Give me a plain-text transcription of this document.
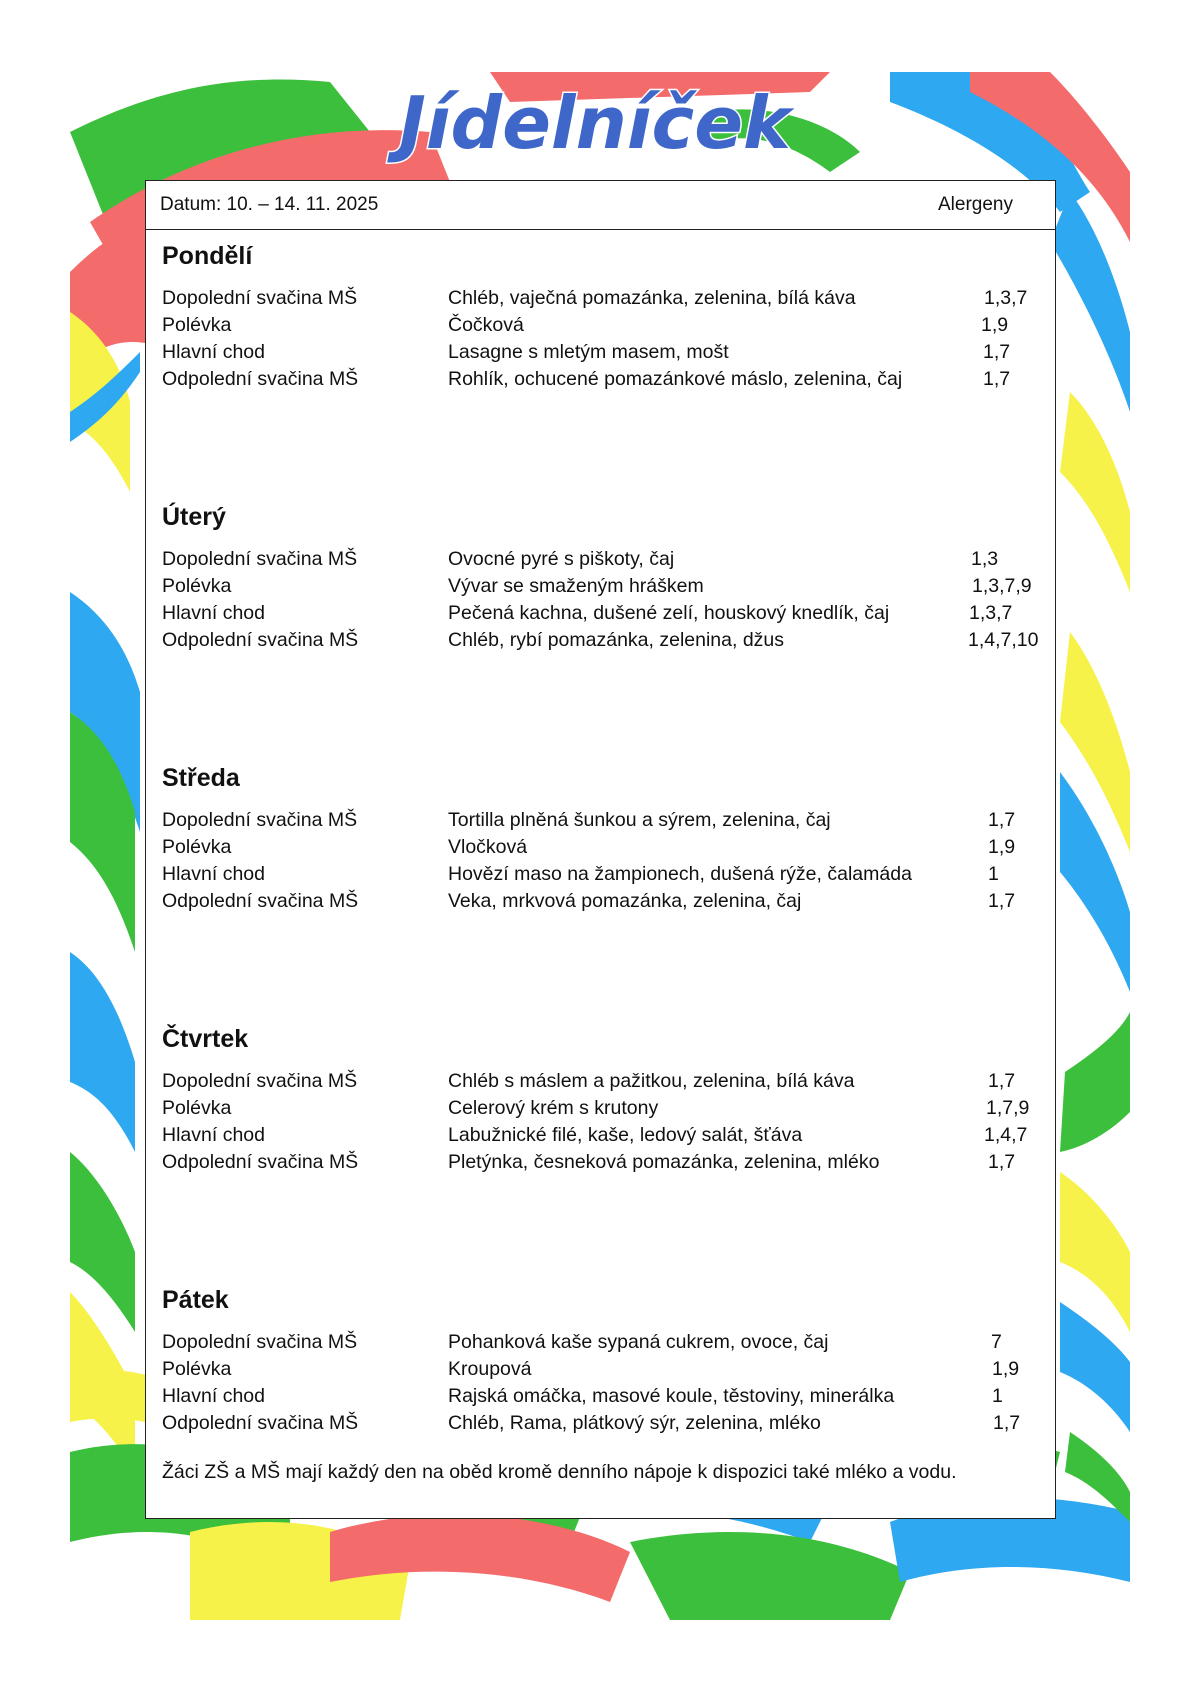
Jídelníček
Datum: 10. – 14. 11. 2025	Alergeny
Pondělí
Dopolední svačina MŠ	Chléb, vaječná pomazánka, zelenina, bílá káva	1,3,7
Polévka	Čočková	1,9
Hlavní chod	Lasagne s mletým masem, mošt	1,7
Odpolední svačina MŠ	Rohlík, ochucené pomazánkové máslo, zelenina, čaj	1,7
Úterý
Dopolední svačina MŠ	Ovocné pyré s piškoty, čaj	1,3
Polévka	Vývar se smaženým hráškem	1,3,7,9
Hlavní chod	Pečená kachna, dušené zelí, houskový knedlík, čaj	1,3,7
Odpolední svačina MŠ	Chléb, rybí pomazánka, zelenina, džus	1,4,7,10
Středa
Dopolední svačina MŠ	Tortilla plněná šunkou a sýrem, zelenina, čaj	1,7
Polévka	Vločková	1,9
Hlavní chod	Hovězí maso na žampionech, dušená rýže, čalamáda	1
Odpolední svačina MŠ	Veka, mrkvová pomazánka, zelenina, čaj	1,7
Čtvrtek
Dopolední svačina MŠ	Chléb s máslem a pažitkou, zelenina, bílá káva	1,7
Polévka	Celerový krém s krutony	1,7,9
Hlavní chod	Labužnické filé, kaše, ledový salát, šťáva	1,4,7
Odpolední svačina MŠ	Pletýnka, česneková pomazánka, zelenina, mléko	1,7
Pátek
Dopolední svačina MŠ	Pohanková kaše sypaná cukrem, ovoce, čaj	7
Polévka	Kroupová	1,9
Hlavní chod	Rajská omáčka, masové koule, těstoviny, minerálka	1
Odpolední svačina MŠ	Chléb, Rama, plátkový sýr, zelenina, mléko	1,7
Žáci ZŠ a MŠ mají každý den na oběd kromě denního nápoje k dispozici také mléko a vodu.
